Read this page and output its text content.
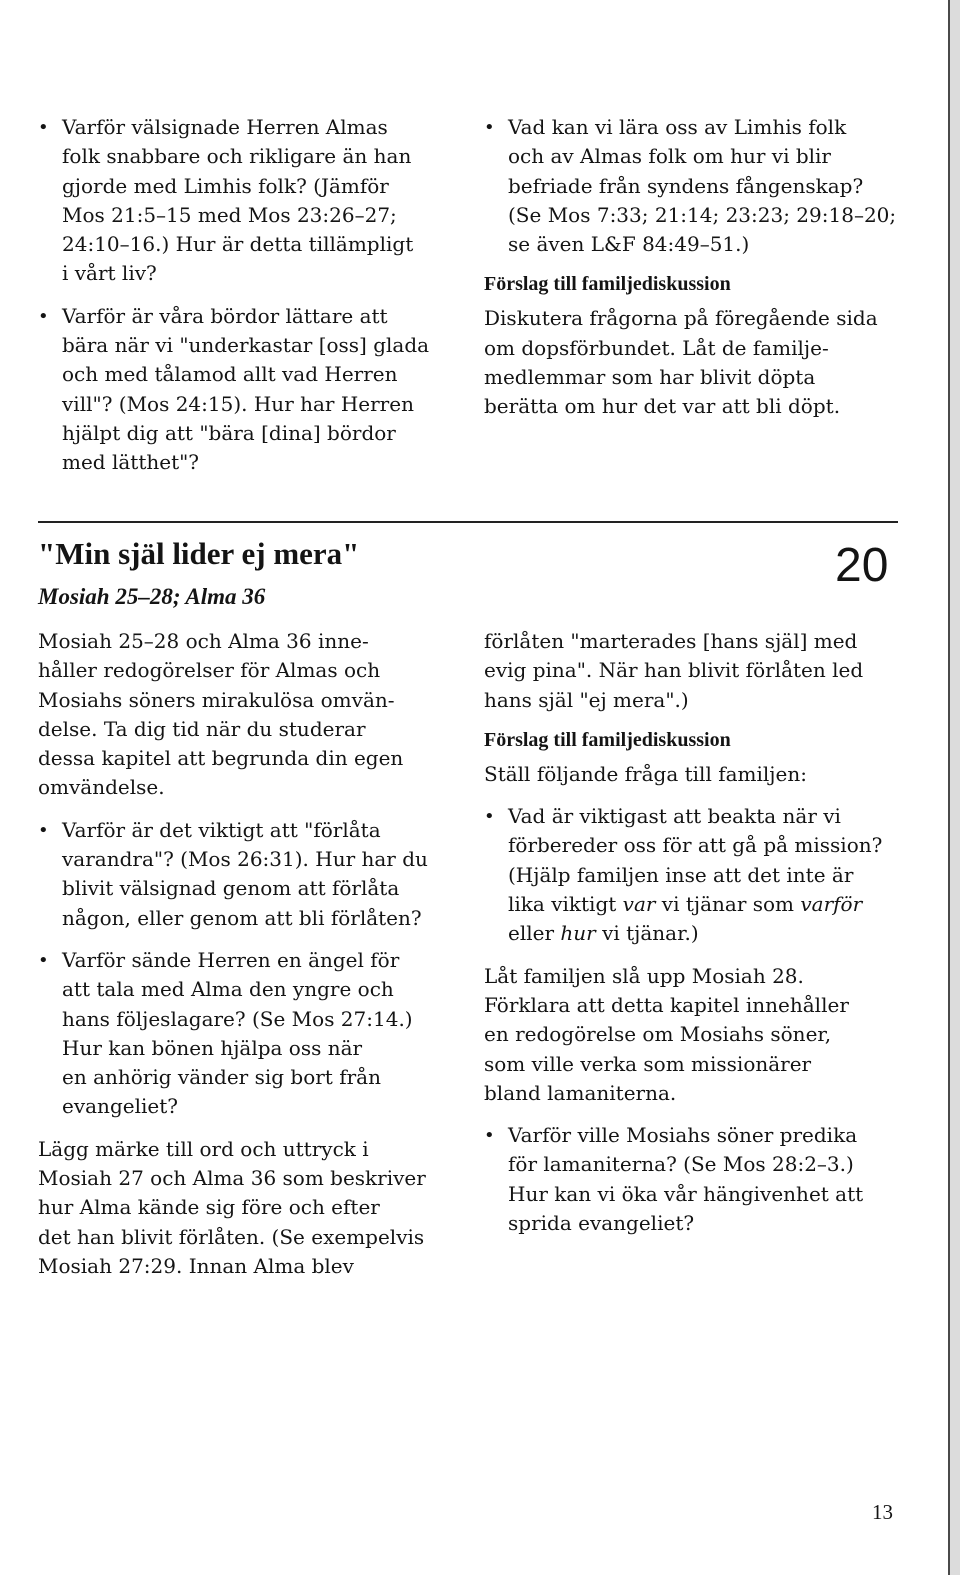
• Varför välsignade Herren Almas
folk snabbare och rikligare än han
gjorde med Limhis folk? (Jämför
Mos 21:5–15 med Mos 23:26–27;
24:10–16.) Hur är detta tillämpligt
i vårt liv?
• Varför är våra bördor lättare att
bära när vi "underkastar [oss] glada
och med tålamod allt vad Herren
vill"? (Mos 24:15). Hur har Herren
hjälpt dig att "bära [dina] bördor
med lätthet"?
• Vad kan vi lära oss av Limhis folk
och av Almas folk om hur vi blir
befriade från syndens fångenskap?
(Se Mos 7:33; 21:14; 23:23; 29:18–20;
se även L&F 84:49–51.)

Förslag till familjediskussion

Diskutera frågorna på föregående sida
om dopsförbundet. Låt de familje-
medlemmar som har blivit döpta
berätta om hur det var att bli döpt.
"Min själ lider ej mera"
Mosiah 25–28; Alma 36
20
Mosiah 25–28 och Alma 36 inne-
håller redogörelser för Almas och
Mosiahs söners mirakulösa omvän-
delse. Ta dig tid när du studerar
dessa kapitel att begrunda din egen
omvändelse.
• Varför är det viktigt att "förlåta
varandra"? (Mos 26:31). Hur har du
blivit välsignad genom att förlåta
någon, eller genom att bli förlåten?
• Varför sände Herren en ängel för
att tala med Alma den yngre och
hans följeslagare? (Se Mos 27:14.)
Hur kan bönen hjälpa oss när
en anhörig vänder sig bort från
evangeliet?
Lägg märke till ord och uttryck i
Mosiah 27 och Alma 36 som beskriver
hur Alma kände sig före och efter
det han blivit förlåten. (Se exempelvis
Mosiah 27:29. Innan Alma blev
förlåten "marterades [hans själ] med
evig pina". När han blivit förlåten led
hans själ "ej mera".)

Förslag till familjediskussion

Ställ följande fråga till familjen:

• Vad är viktigast att beakta när vi
förbereder oss för att gå på mission?
(Hjälp familjen inse att det inte är
lika viktigt var vi tjänar som varför
eller hur vi tjänar.)
Låt familjen slå upp Mosiah 28.
Förklara att detta kapitel innehåller
en redogörelse om Mosiahs söner,
som ville verka som missionärer
bland lamaniterna.
• Varför ville Mosiahs söner predika
för lamaniterna? (Se Mos 28:2–3.)
Hur kan vi öka vår hängivenhet att
sprida evangeliet?
13
